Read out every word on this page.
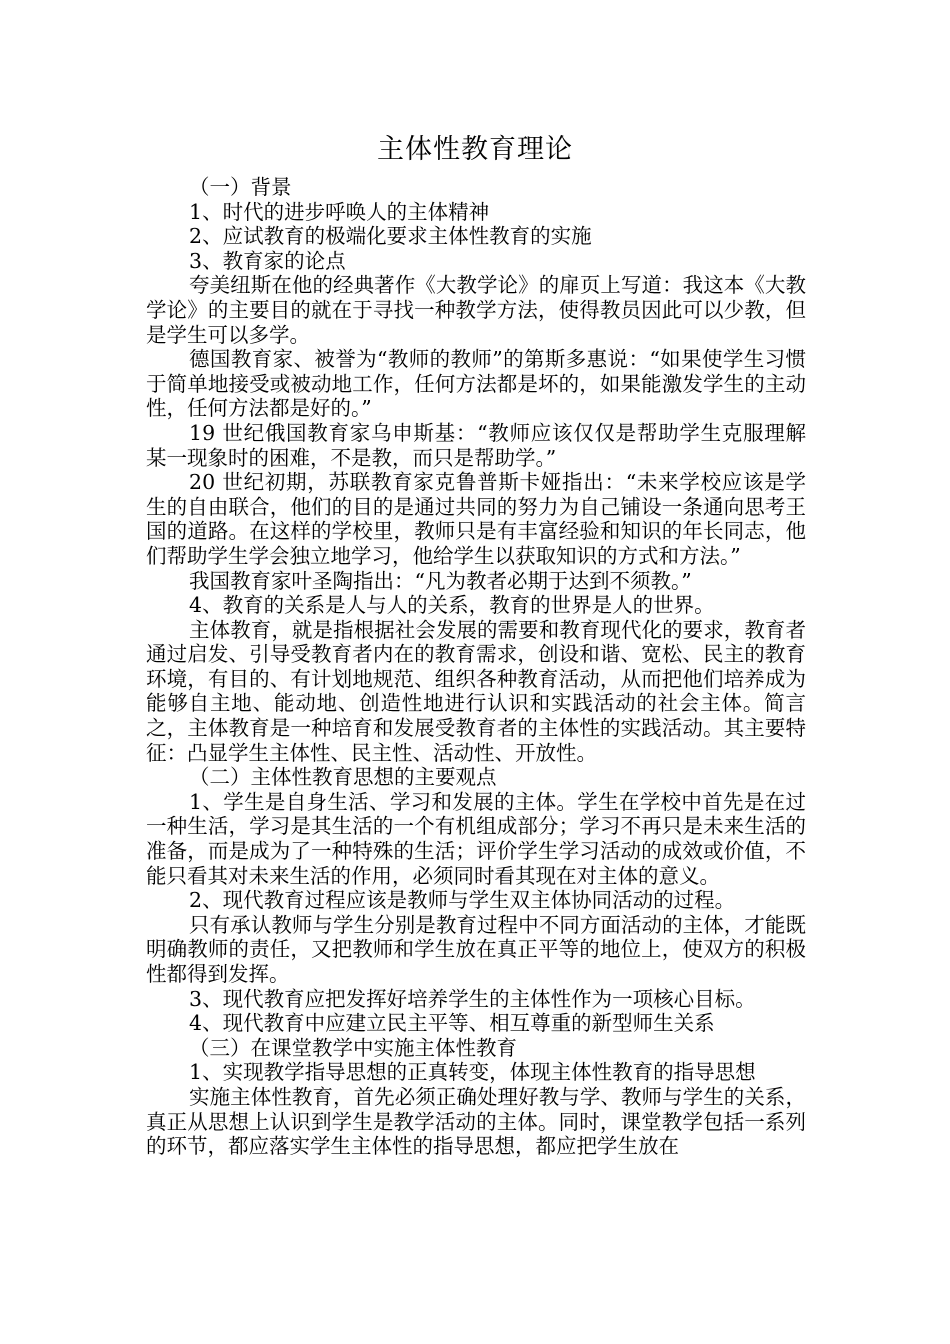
主体性教育理论

（一）背景

1、时代的进步呼唤人的主体精神

2、应试教育的极端化要求主体性教育的实施

3、教育家的论点

夸美纽斯在他的经典著作《大教学论》的扉页上写道：我这本《大教学论》的主要目的就在于寻找一种教学方法，使得教员因此可以少教，但是学生可以多学。

德国教育家、被誉为“教师的教师”的第斯多惠说：“如果使学生习惯于简单地接受或被动地工作，任何方法都是坏的，如果能激发学生的主动性，任何方法都是好的。”

19 世纪俄国教育家乌申斯基：“教师应该仅仅是帮助学生克服理解某一现象时的困难，不是教，而只是帮助学。”

20 世纪初期，苏联教育家克鲁普斯卡娅指出：“未来学校应该是学生的自由联合，他们的目的是通过共同的努力为自己铺设一条通向思考王国的道路。在这样的学校里，教师只是有丰富经验和知识的年长同志，他们帮助学生学会独立地学习，他给学生以获取知识的方式和方法。”

我国教育家叶圣陶指出：“凡为教者必期于达到不须教。”

4、教育的关系是人与人的关系，教育的世界是人的世界。

主体教育，就是指根据社会发展的需要和教育现代化的要求，教育者通过启发、引导受教育者内在的教育需求，创设和谐、宽松、民主的教育环境，有目的、有计划地规范、组织各种教育活动，从而把他们培养成为能够自主地、能动地、创造性地进行认识和实践活动的社会主体。简言之，主体教育是一种培育和发展受教育者的主体性的实践活动。其主要特征：凸显学生主体性、民主性、活动性、开放性。

（二）主体性教育思想的主要观点

1、学生是自身生活、学习和发展的主体。学生在学校中首先是在过一种生活，学习是其生活的一个有机组成部分；学习不再只是未来生活的准备，而是成为了一种特殊的生活；评价学生学习活动的成效或价值，不能只看其对未来生活的作用，必须同时看其现在对主体的意义。

2、现代教育过程应该是教师与学生双主体协同活动的过程。

只有承认教师与学生分别是教育过程中不同方面活动的主体，才能既明确教师的责任，又把教师和学生放在真正平等的地位上，使双方的积极性都得到发挥。

3、现代教育应把发挥好培养学生的主体性作为一项核心目标。

4、现代教育中应建立民主平等、相互尊重的新型师生关系

（三）在课堂教学中实施主体性教育

1、实现教学指导思想的正真转变，体现主体性教育的指导思想

实施主体性教育，首先必须正确处理好教与学、教师与学生的关系，真正从思想上认识到学生是教学活动的主体。同时，课堂教学包括一系列的环节，都应落实学生主体性的指导思想，都应把学生放在
